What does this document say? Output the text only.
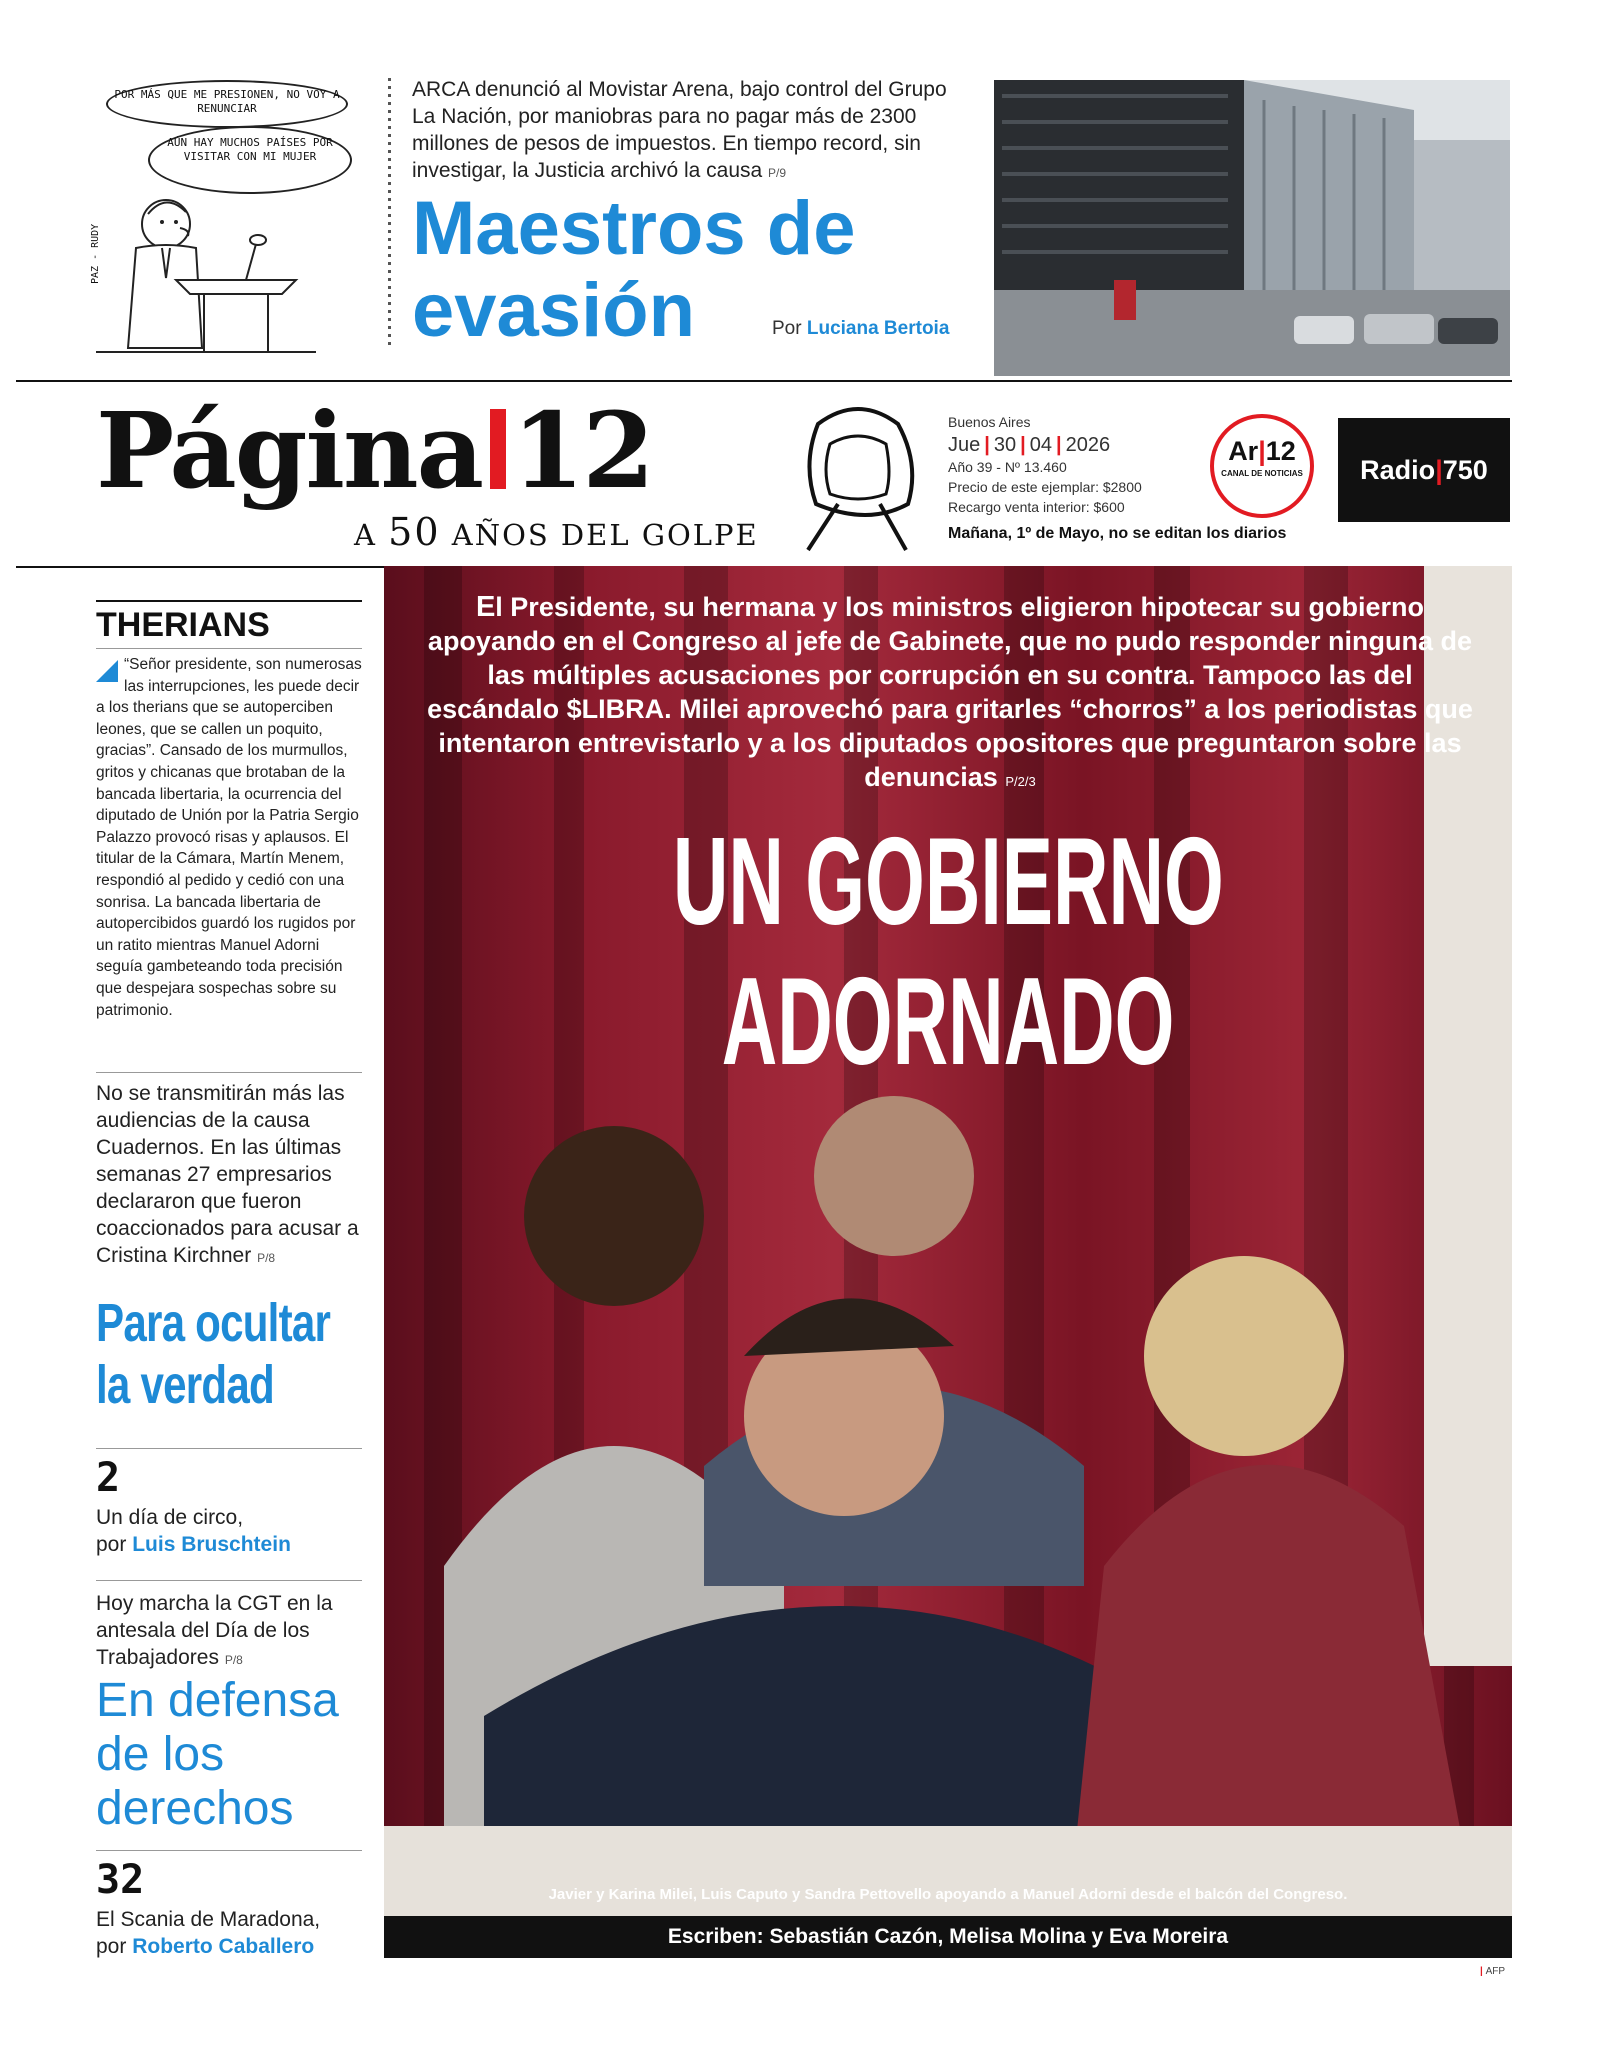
POR MÁS QUE ME PRESIONEN, NO VOY A RENUNCIAR
AÚN HAY MUCHOS PAÍSES POR VISITAR CON MI MUJER
PAZ - RUDY
ARCA denunció al Movistar Arena, bajo control del Grupo La Nación, por maniobras para no pagar más de 2300 millones de pesos de impuestos. En tiempo record, sin investigar, la Justicia archivó la causa P/9
Maestros de evasión	Por Luciana Bertoia
Página 12
A 50 AÑOS DEL GOLPE
Buenos Aires
Jue | 30 | 04 | 2026
Año 39 - Nº 13.460
Precio de este ejemplar: $2800
Recargo venta interior: $600
Mañana, 1º de Mayo, no se editan los diarios
Ar|12
CANAL DE NOTICIAS	Radio|750
THERIANS
“Señor presidente, son numerosas las interrupciones, les puede decir a los therians que se autoperciben leones, que se callen un poquito, gracias”. Cansado de los murmullos, gritos y chicanas que brotaban de la bancada libertaria, la ocurrencia del diputado de Unión por la Patria Sergio Palazzo provocó risas y aplausos. El titular de la Cámara, Martín Menem, respondió al pedido y cedió con una sonrisa. La bancada libertaria de autopercibidos guardó los rugidos por un ratito mientras Manuel Adorni seguía gambeteando toda precisión que despejara sospechas sobre su patrimonio.
No se transmitirán más las audiencias de la causa Cuadernos. En las últimas semanas 27 empresarios declararon que fueron coaccionados para acusar a Cristina Kirchner P/8
Para ocultar la verdad
2
Un día de circo,
por Luis Bruschtein
Hoy marcha la CGT en la antesala del Día de los Trabajadores P/8
En defensa de los derechos
32
El Scania de Maradona,
por Roberto Caballero
El Presidente, su hermana y los ministros eligieron hipotecar su gobierno apoyando en el Congreso al jefe de Gabinete, que no pudo responder ninguna de las múltiples acusaciones por corrupción en su contra. Tampoco las del escándalo $LIBRA. Milei aprovechó para gritarles “chorros” a los periodistas que intentaron entrevistarlo y a los diputados opositores que preguntaron sobre las denuncias P/2/3
UN GOBIERNO
ADORNADO
Javier y Karina Milei, Luis Caputo y Sandra Pettovello apoyando a Manuel Adorni desde el balcón del Congreso.
Escriben: Sebastián Cazón, Melisa Molina y Eva Moreira
| AFP
